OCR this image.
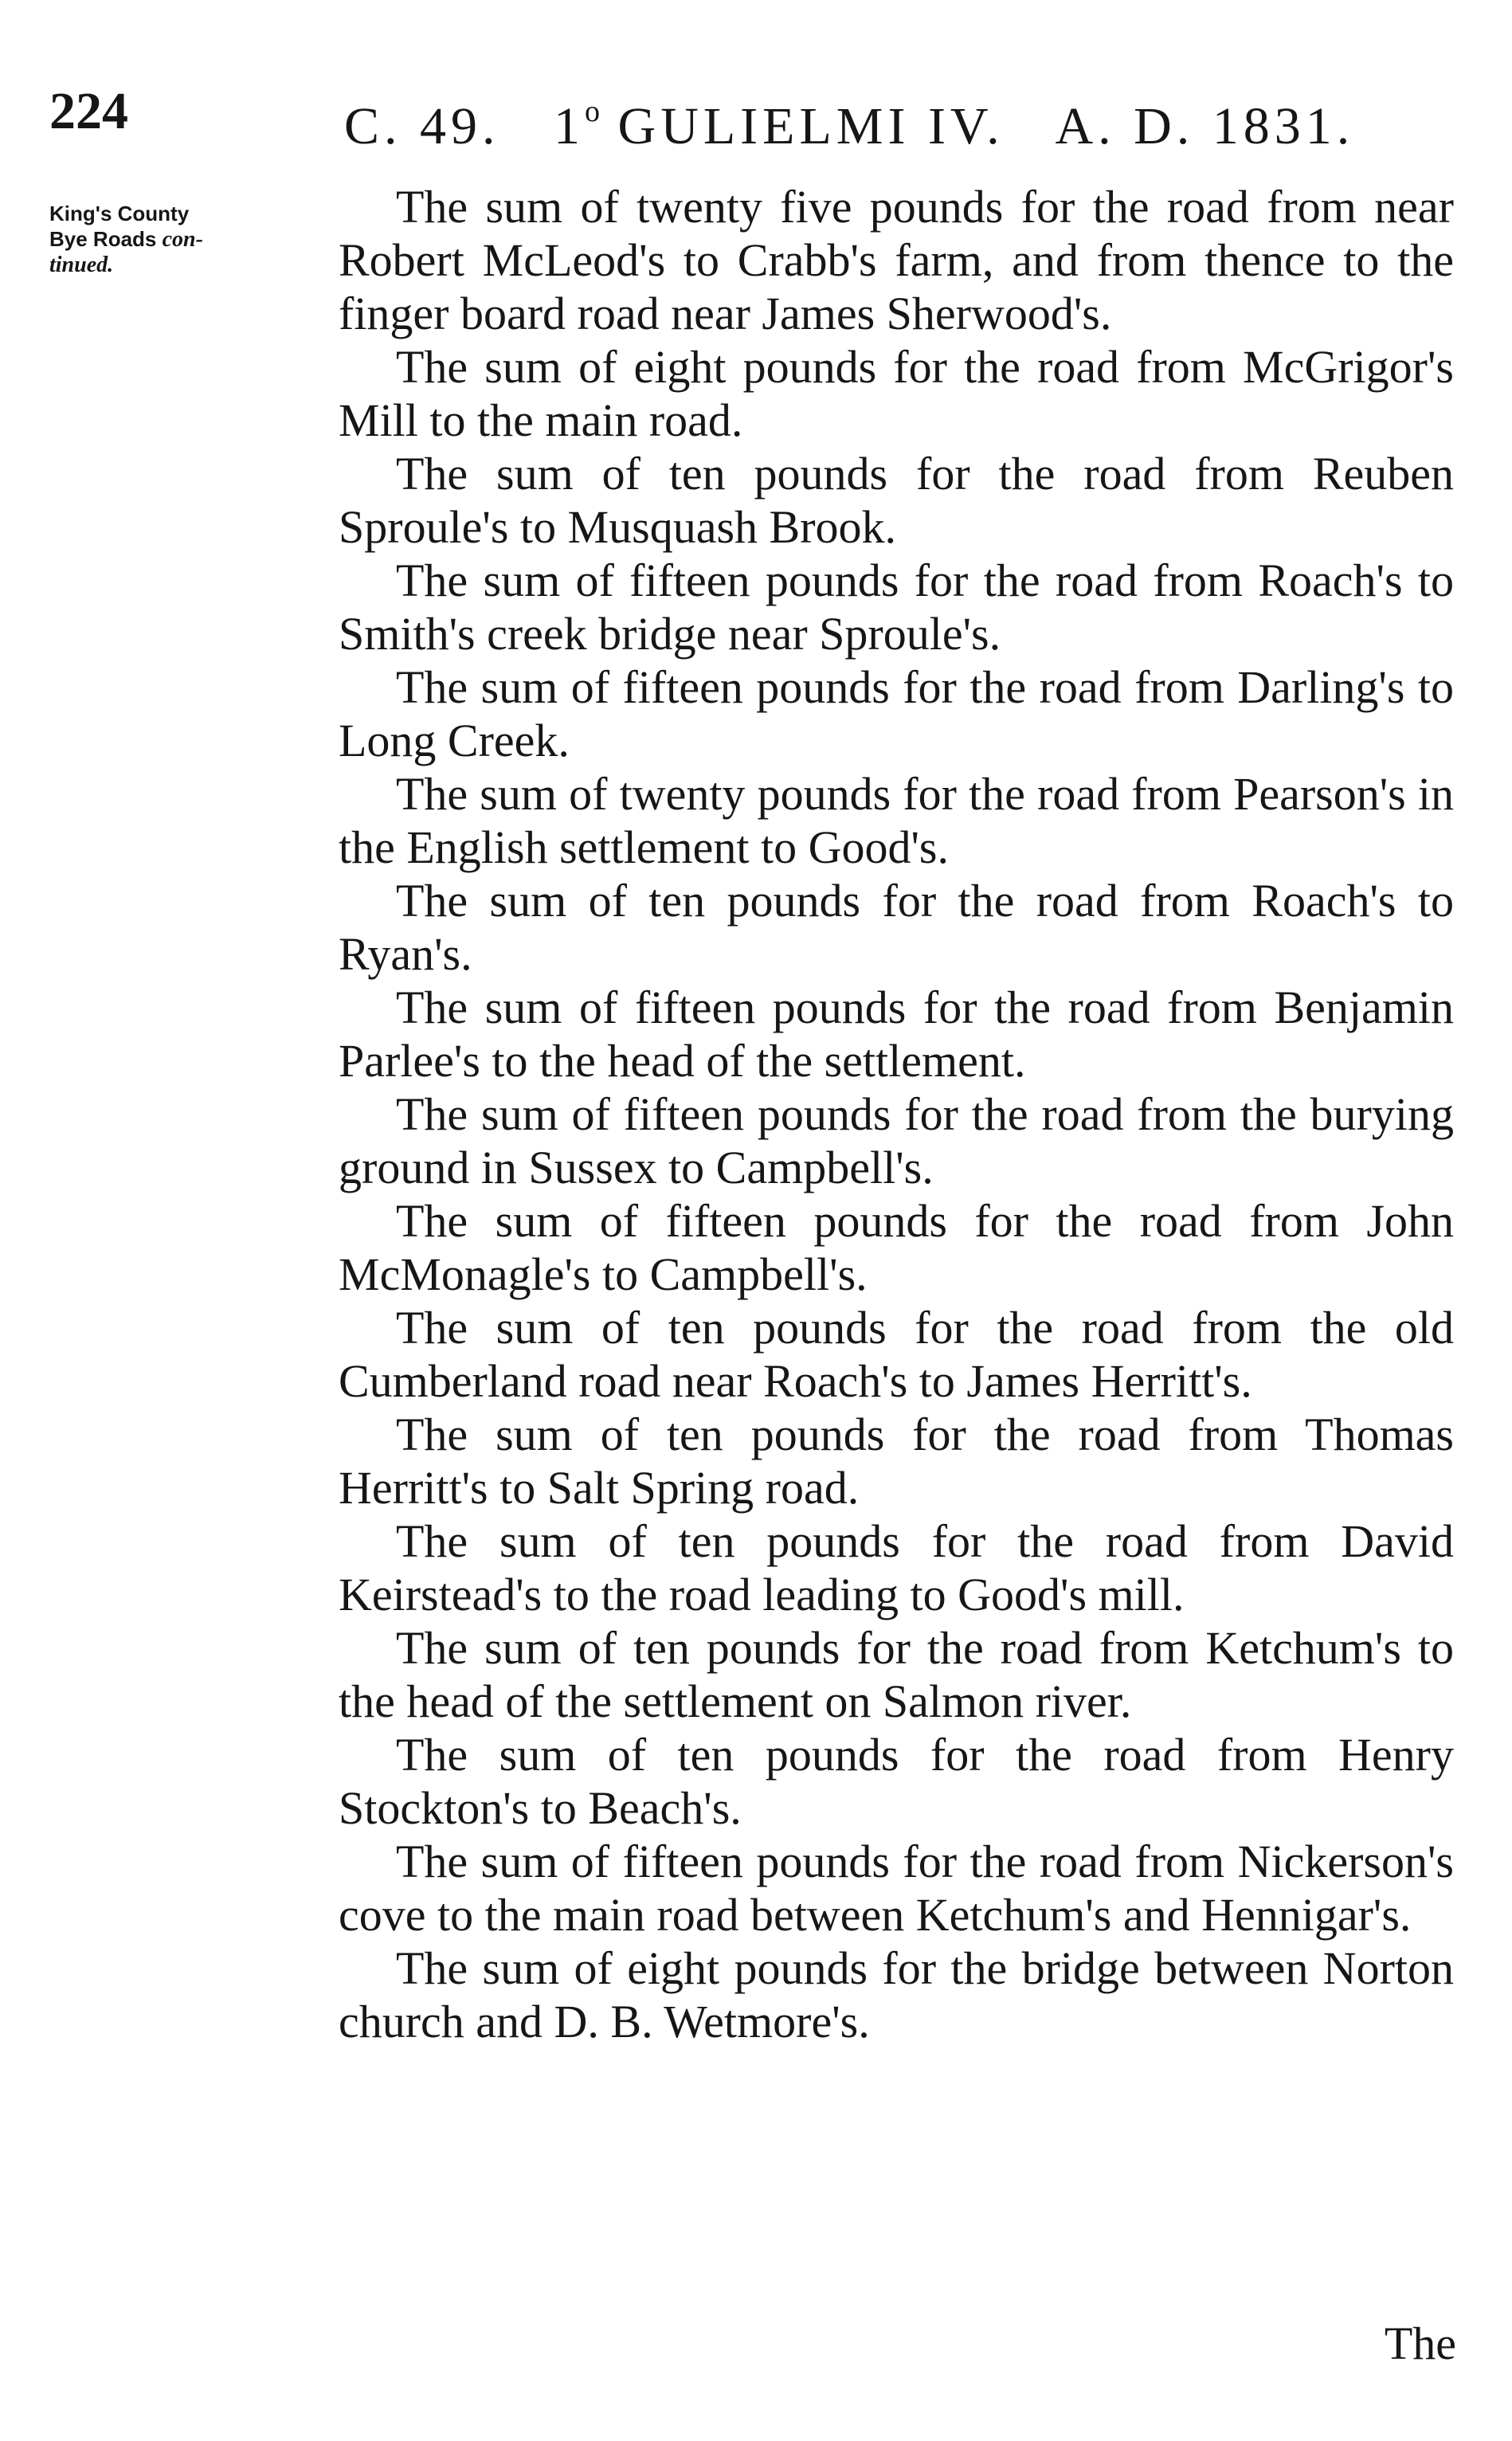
224	C. 49. 1$^o$ GULIELMI IV. A. D. 1831.
King's County
Bye Roads con-
tinued.

The sum of twenty five pounds for the road from near Robert McLeod's to Crabb's farm, and from thence to the finger board road near James Sherwood's.

The sum of eight pounds for the road from McGrigor's Mill to the main road.

The sum of ten pounds for the road from Reuben Sproule's to Musquash Brook.

The sum of fifteen pounds for the road from Roach's to Smith's creek bridge near Sproule's.

The sum of fifteen pounds for the road from Darling's to Long Creek.

The sum of twenty pounds for the road from Pearson's in the English settlement to Good's.

The sum of ten pounds for the road from Roach's to Ryan's.

The sum of fifteen pounds for the road from Benjamin Parlee's to the head of the settlement.

The sum of fifteen pounds for the road from the burying ground in Sussex to Campbell's.

The sum of fifteen pounds for the road from John McMonagle's to Campbell's.

The sum of ten pounds for the road from the old Cumberland road near Roach's to James Herritt's.

The sum of ten pounds for the road from Thomas Herritt's to Salt Spring road.

The sum of ten pounds for the road from David Keirstead's to the road leading to Good's mill.

The sum of ten pounds for the road from Ketchum's to the head of the settlement on Salmon river.

The sum of ten pounds for the road from Henry Stockton's to Beach's.

The sum of fifteen pounds for the road from Nickerson's cove to the main road between Ketchum's and Hennigar's.

The sum of eight pounds for the bridge between Norton church and D. B. Wetmore's.

The
